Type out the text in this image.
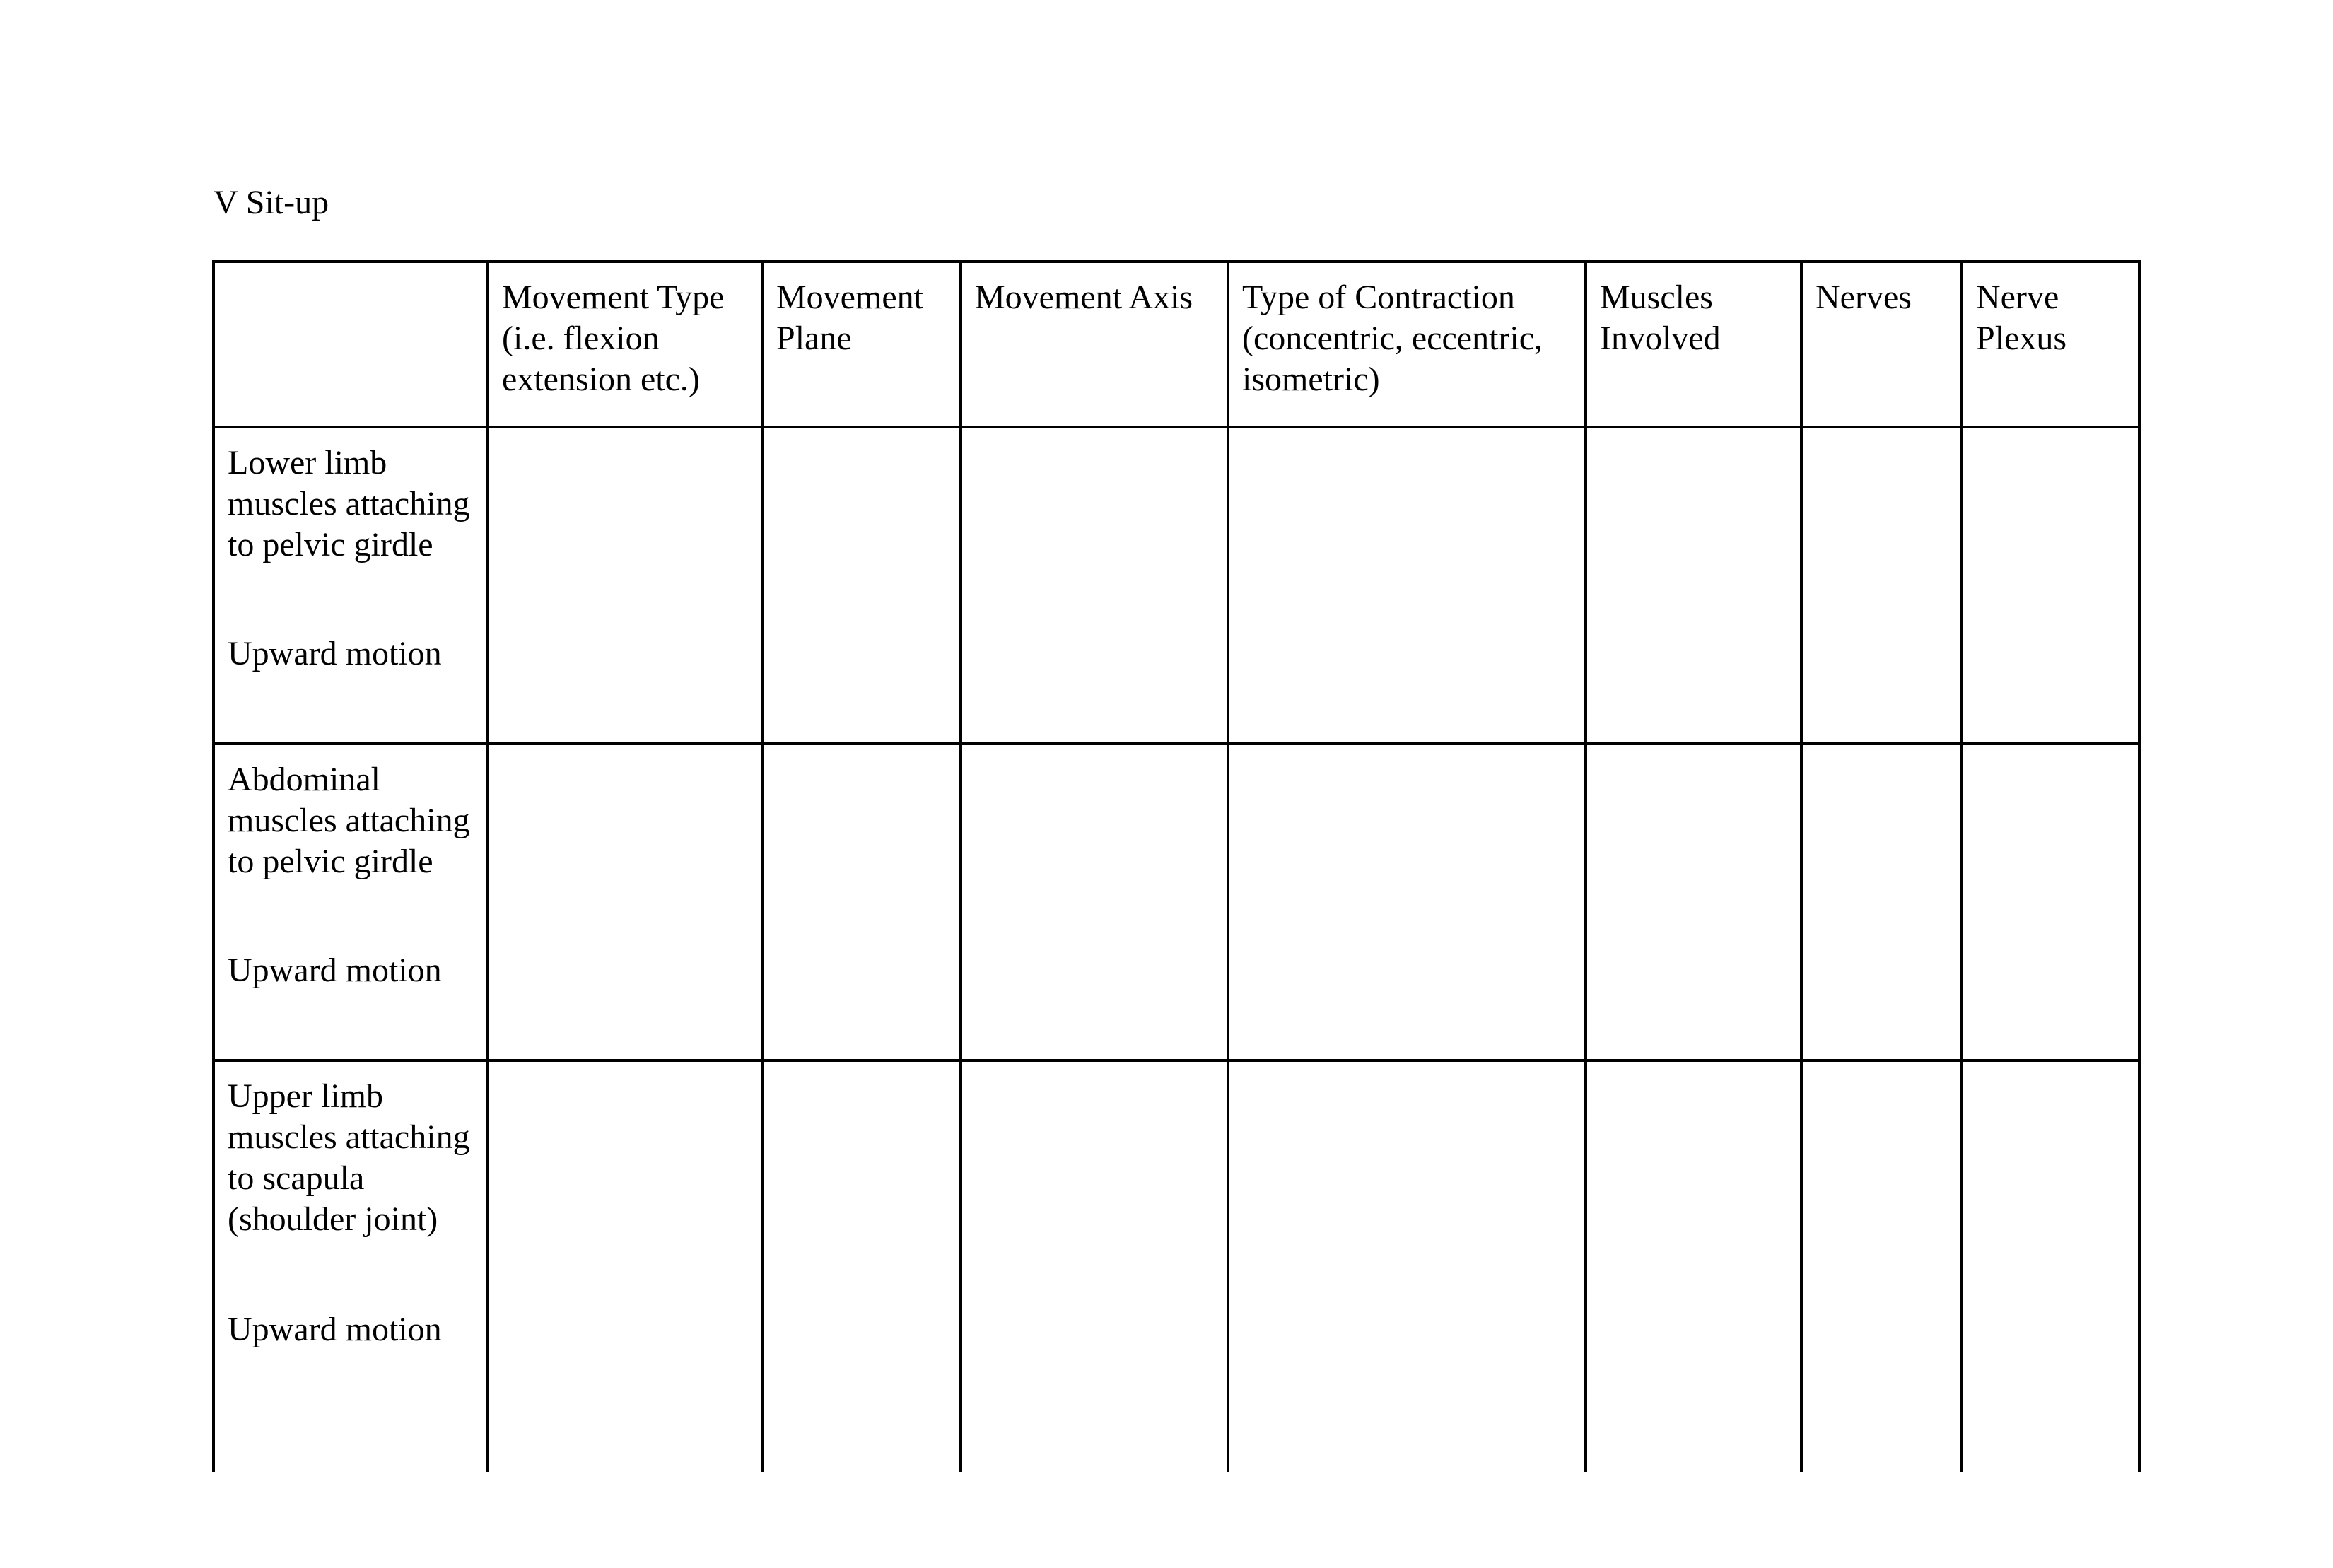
V Sit-up

	Movement Type (i.e. flexion extension etc.)	Movement Plane	Movement Axis	Type of Contraction (concentric, eccentric, isometric)	Muscles Involved	Nerves	Nerve Plexus

Lower limb muscles attaching to pelvic girdle
Upward motion							

Abdominal muscles attaching to pelvic girdle
Upward motion							

Upper limb muscles attaching to scapula (shoulder joint)
Upward motion							
